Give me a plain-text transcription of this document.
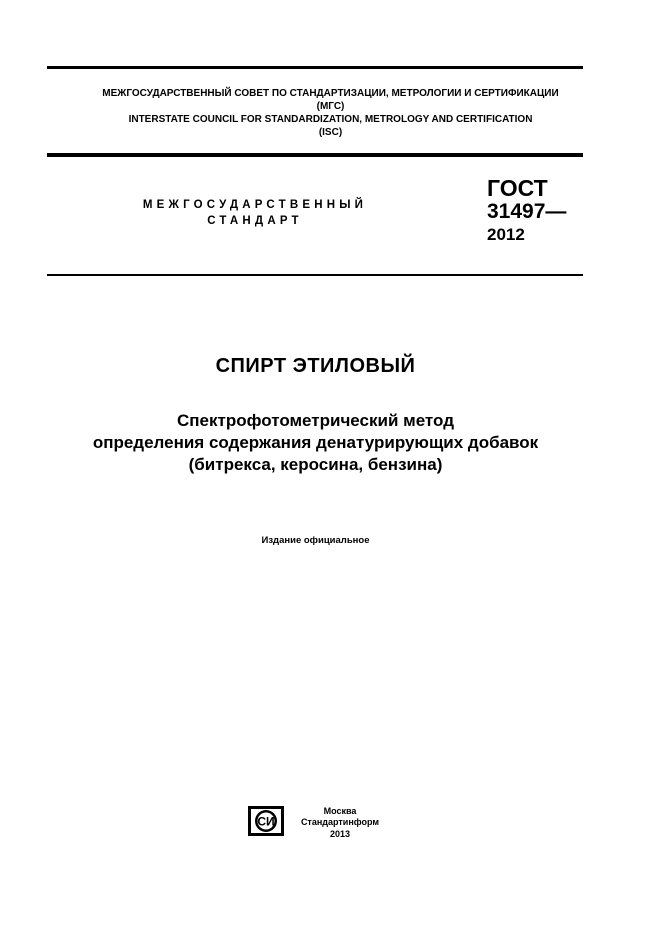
МЕЖГОСУДАРСТВЕННЫЙ СОВЕТ ПО СТАНДАРТИЗАЦИИ, МЕТРОЛОГИИ И СЕРТИФИКАЦИИ
(МГС)
INTERSTATE COUNCIL FOR STANDARDIZATION, METROLOGY AND CERTIFICATION
(ISC)
МЕЖГОСУДАРСТВЕННЫЙ
СТАНДАРТ
ГОСТ
31497—
2012
СПИРТ ЭТИЛОВЫЙ
Спектрофотометрический метод
определения содержания денатурирующих добавок
(битрекса, керосина, бензина)
Издание официальное
СИ
Москва
Стандартинформ
2013
